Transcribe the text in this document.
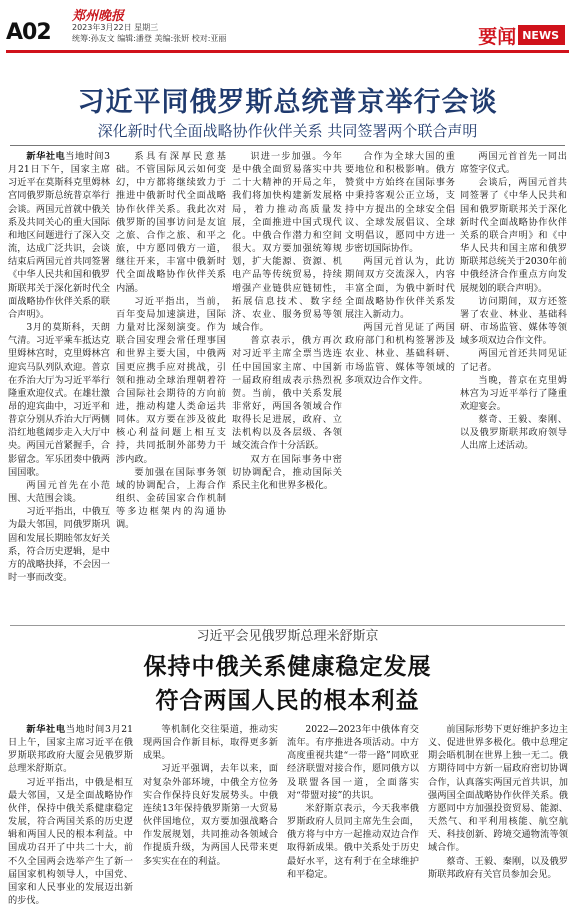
A02
郑州晚报
2023年3月22日 星期三
统筹:孙友文 编辑:潘登 美编:张妍 校对:亚丽	要闻 NEWS
习近平同俄罗斯总统普京举行会谈
深化新时代全面战略协作伙伴关系 共同签署两个联合声明

新华社电当地时间3月21日下午，国家主席习近平在莫斯科克里姆林宫同俄罗斯总统普京举行会谈。两国元首就中俄关系及共同关心的重大国际和地区问题进行了深入交流，达成广泛共识，会谈结束后两国元首共同签署《中华人民共和国和俄罗斯联邦关于深化新时代全面战略协作伙伴关系的联合声明》。

3月的莫斯科，天朗气清。习近平乘车抵达克里姆林宫时，克里姆林宫迎宾马队列队欢迎。普京在乔治大厅为习近平举行隆重欢迎仪式。在雄壮激昂的迎宾曲中，习近平和普京分别从乔治大厅两侧沿红地毯阔步走入大厅中央。两国元首紧握手，合影留念。军乐团奏中俄两国国歌。

两国元首先在小范围、大范围会谈。

习近平指出，中俄互为最大邻国，同俄罗斯巩固和发展长期睦邻友好关系，符合历史逻辑，是中方的战略抉择，不会因一时一事而改变。

系具有深厚民意基础。不管国际风云如何变幻，中方都将继续致力于推进中俄新时代全面战略协作伙伴关系。我此次对俄罗斯的国事访问是友谊之旅、合作之旅、和平之旅，中方愿同俄方一道，继往开来，丰富中俄新时代全面战略协作伙伴关系内涵。

习近平指出，当前，百年变局加速演进，国际力量对比深刻演变。作为联合国安理会常任理事国和世界主要大国，中俄两国更应携手应对挑战，引领和推动全球治理朝着符合国际社会期待的方向前进，推动构建人类命运共同体。双方要在涉及彼此核心利益问题上相互支持，共同抵制外部势力干涉内政。

要加强在国际事务领域的协调配合，上海合作组织、金砖国家合作机制等多边框架内的沟通协调。

识进一步加强。今年是中俄全面贸易落实中共二十大精神的开局之年，我们将加快构建新发展格局，着力推动高质量发展，全面推进中国式现代化。中俄合作潜力和空间很大。双方要加强统筹规划，扩大能源、资源、机电产品等传统贸易，持续增强产业链供应链韧性，拓展信息技术、数字经济、农业、服务贸易等领域合作。

普京表示，俄方再次对习近平主席全票当选连任中国国家主席、中国新一届政府组成表示热烈祝贺。当前，俄中关系发展非常好，两国各领域合作取得长足进展，政府、立法机构以及各层级、各领域交流合作十分活跃。

双方在国际事务中密切协调配合，推动国际关系民主化和世界多极化。

合作为全球大国的重要地位和积极影响。俄方赞赏中方始终在国际事务中秉持客观公正立场，支持中方提出的全球安全倡议、全球发展倡议、全球文明倡议，愿同中方进一步密切国际协作。

两国元首认为，此访期间双方交流深入，内容丰富全面，为俄中新时代全面战略协作伙伴关系发展注入新动力。

两国元首见证了两国政府部门和机构签署涉及农业、林业、基础科研、市场监管、媒体等领域的多项双边合作文件。

两国元首首先一同出席签字仪式。

会谈后，两国元首共同签署了《中华人民共和国和俄罗斯联邦关于深化新时代全面战略协作伙伴关系的联合声明》和《中华人民共和国主席和俄罗斯联邦总统关于2030年前中俄经济合作重点方向发展规划的联合声明》。

访问期间，双方还签署了农业、林业、基础科研、市场监管、媒体等领域多项双边合作文件。

两国元首还共同见证了记者。

当晚，普京在克里姆林宫为习近平举行了隆重欢迎宴会。

蔡奇、王毅、秦刚、以及俄罗斯联邦政府领导人出席上述活动。

习近平会见俄罗斯总理米舒斯京
保持中俄关系健康稳定发展
符合两国人民的根本利益

新华社电当地时间3月21日上午，国家主席习近平在俄罗斯联邦政府大厦会见俄罗斯总理米舒斯京。

习近平指出，中俄是相互最大邻国，又是全面战略协作伙伴，保持中俄关系健康稳定发展，符合两国关系的历史逻辑和两国人民的根本利益。中国成功召开了中共二十大，前不久全国两会选举产生了新一届国家机构领导人，中国党、国家和人民事业的发展迈出新的步伐。

等机制化交往渠道，推动实现两国合作新目标，取得更多新成果。

习近平强调，去年以来，面对复杂外部环境，中俄全方位务实合作保持良好发展势头。中俄连续13年保持俄罗斯第一大贸易伙伴国地位，双方要加强战略合作发展规划，共同推动各领域合作提质升级，为两国人民带来更多实实在在的利益。

2022—2023年中俄体育交流年。有序推进各项活动。中方高度重视共建“一带一路”同欧亚经济联盟对接合作，愿同俄方以及联盟各国一道，全面落实对“带盟对接”的共识。

米舒斯京表示，今天我率俄罗斯政府人员同主席先生会面，俄方将与中方一起推动双边合作取得新成果。俄中关系处于历史最好水平，这有利于在全球维护和平稳定。

前国际形势下更好维护多边主义、促进世界多极化。俄中总理定期会晤机制在世界上独一无二。俄方期待同中方新一届政府密切协调合作，认真落实两国元首共识，加强两国全面战略协作伙伴关系。俄方愿同中方加强投资贸易、能源、天然气、和平利用核能、航空航天、科技创新、跨境交通物流等领域合作。

蔡奇、王毅、秦刚，以及俄罗斯联邦政府有关官员参加会见。
